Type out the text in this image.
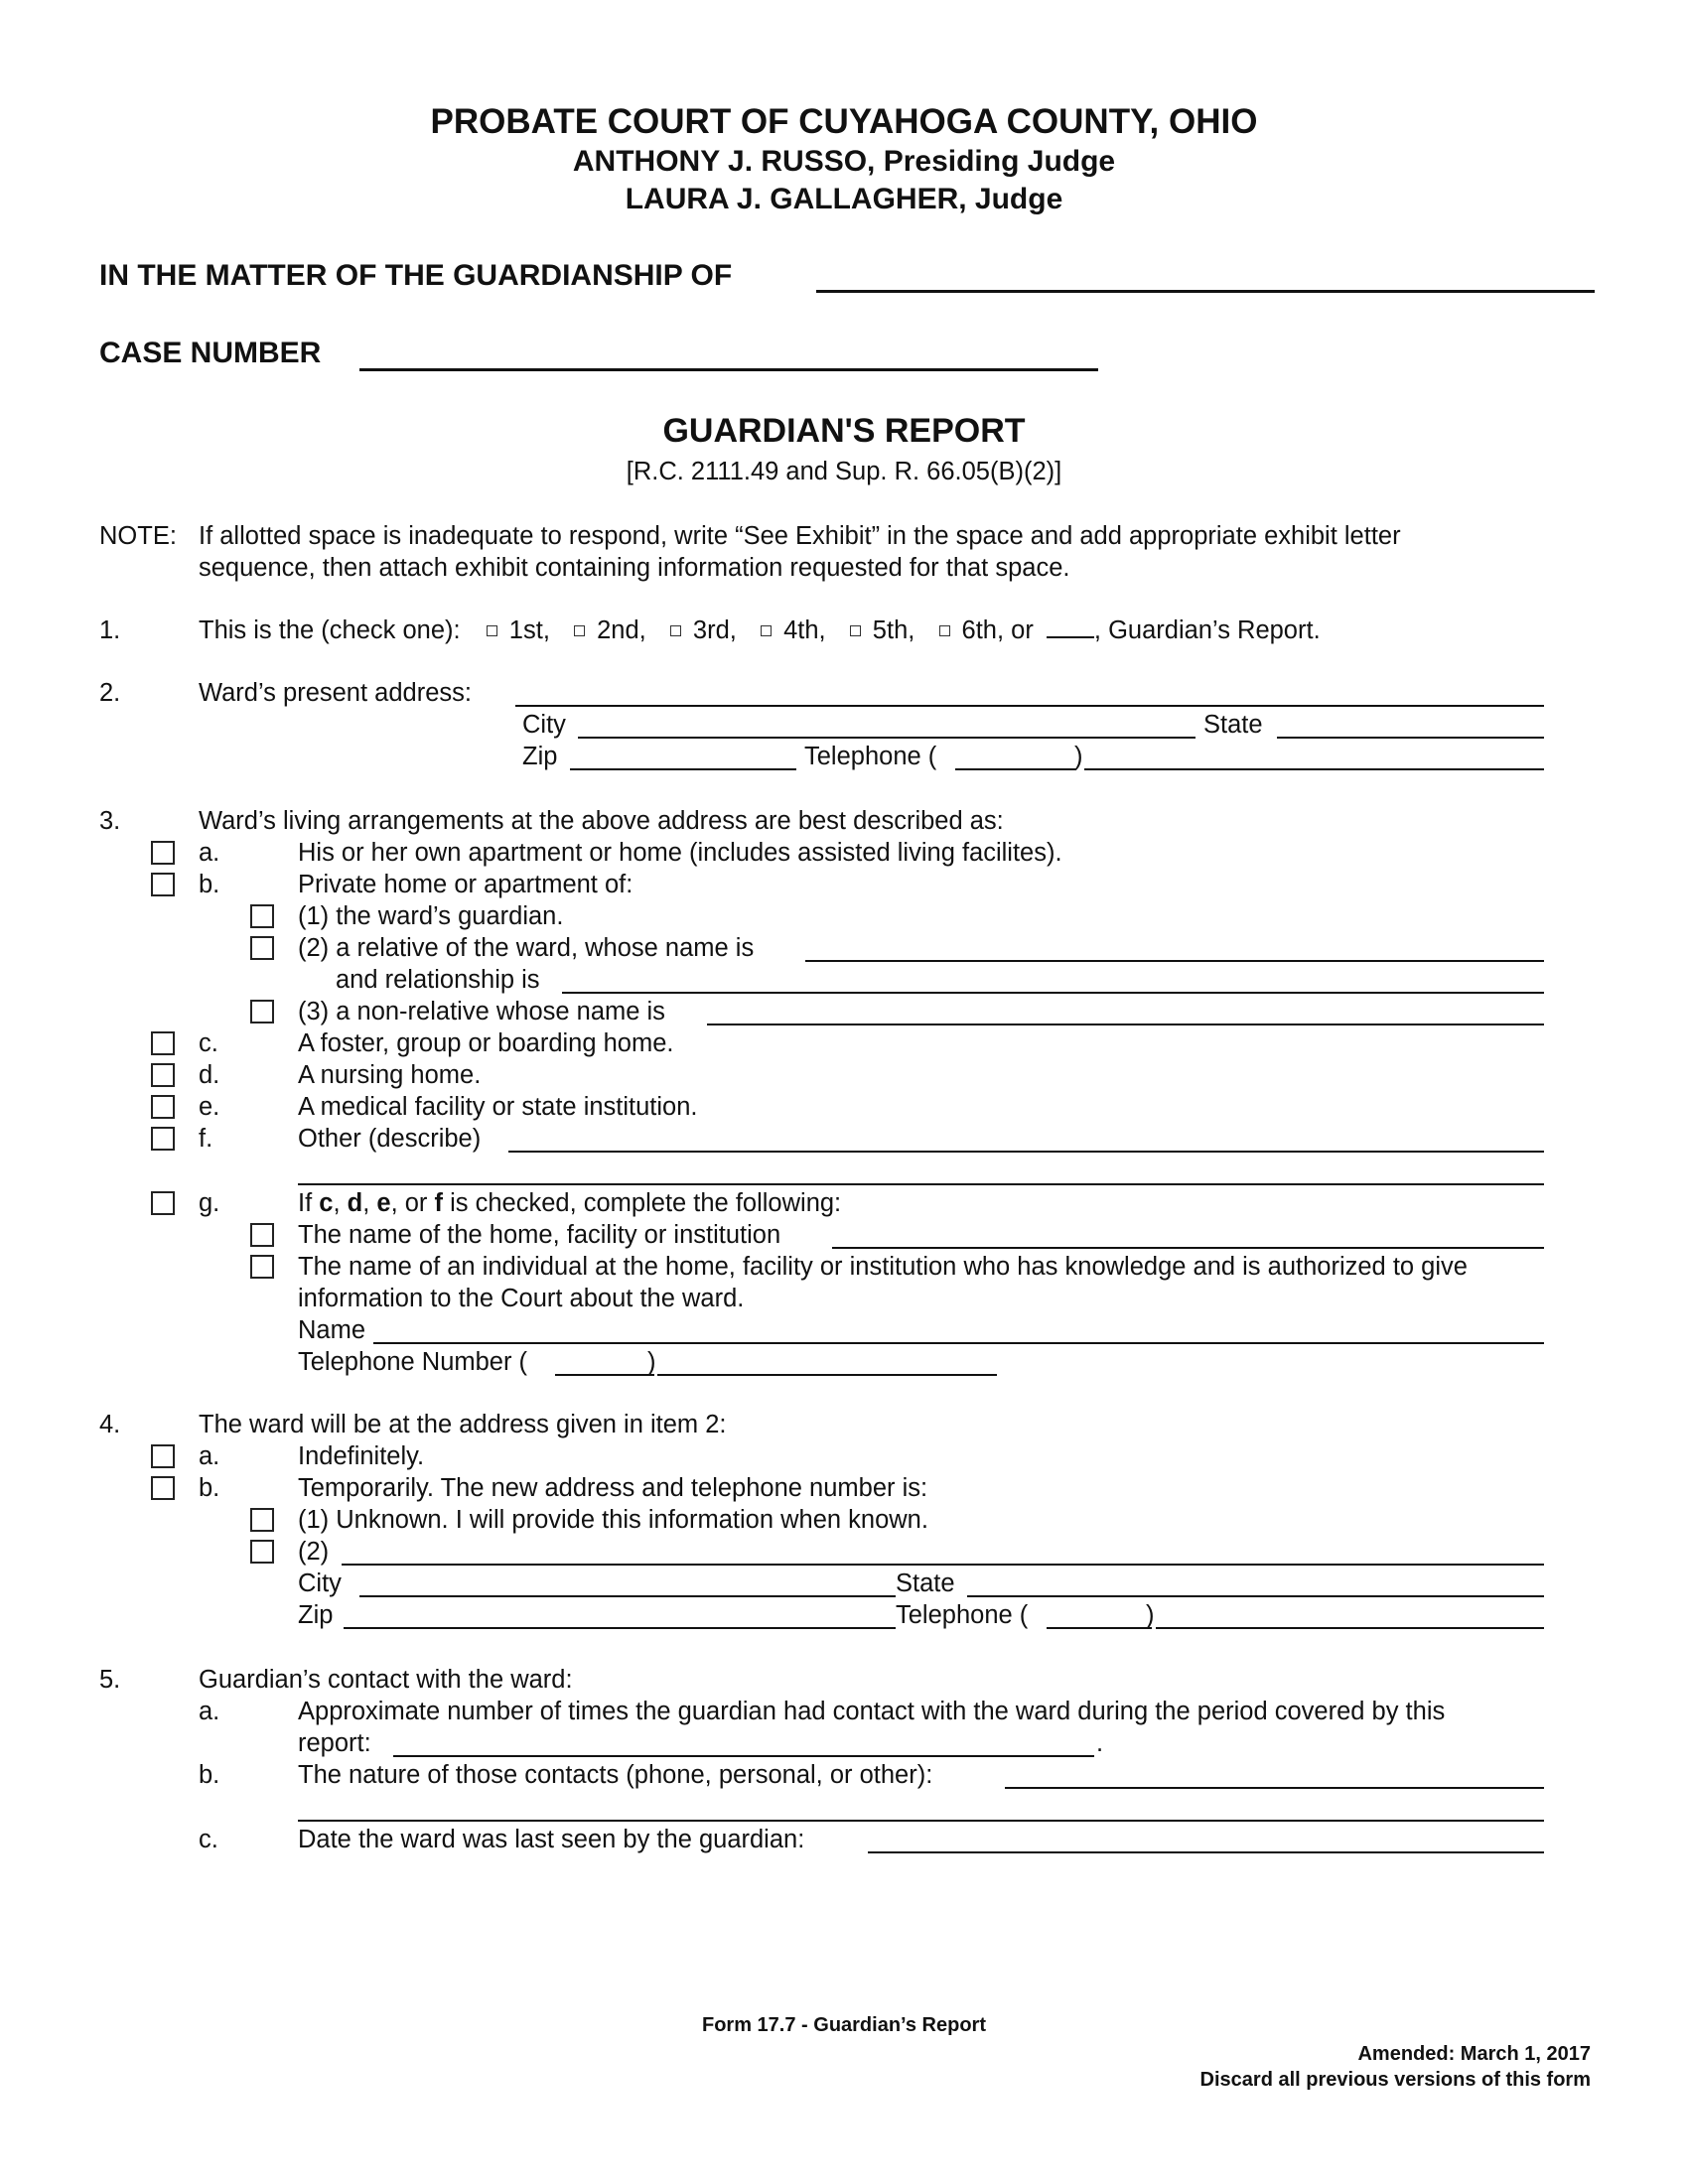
PROBATE COURT OF CUYAHOGA COUNTY, OHIO
ANTHONY J. RUSSO, Presiding Judge
LAURA J. GALLAGHER, Judge
IN THE MATTER OF THE GUARDIANSHIP OF
CASE NUMBER
GUARDIAN'S REPORT
[R.C. 2111.49 and Sup. R. 66.05(B)(2)]
NOTE: If allotted space is inadequate to respond, write “See Exhibit” in the space and add appropriate exhibit letter
sequence, then attach exhibit containing information requested for that space.
1.	This is the (check one): 1st, 2nd, 3rd, 4th, 5th, 6th, or , Guardian’s Report.
2.	Ward’s present address:
City	State
Zip	Telephone (	)
3.	Ward’s living arrangements at the above address are best described as:
a.	His or her own apartment or home (includes assisted living facilites).
b.	Private home or apartment of:
(1) the ward’s guardian.
(2) a relative of the ward, whose name is
and relationship is
(3) a non-relative whose name is
c.	A foster, group or boarding home.
d.	A nursing home.
e.	A medical facility or state institution.
f.	Other (describe)
g.	If c, d, e, or f is checked, complete the following:
The name of the home, facility or institution
The name of an individual at the home, facility or institution who has knowledge and is authorized to give
information to the Court about the ward.
Name
Telephone Number (	)
4.	The ward will be at the address given in item 2:
a.	Indefinitely.
b.	Temporarily. The new address and telephone number is:
(1) Unknown. I will provide this information when known.
(2)
City	State
Zip	Telephone (	)
5.	Guardian’s contact with the ward:
a.	Approximate number of times the guardian had contact with the ward during the period covered by this
report:	.
b.	The nature of those contacts (phone, personal, or other):
c.	Date the ward was last seen by the guardian:
Form 17.7 - Guardian’s Report
Amended: March 1, 2017
Discard all previous versions of this form
